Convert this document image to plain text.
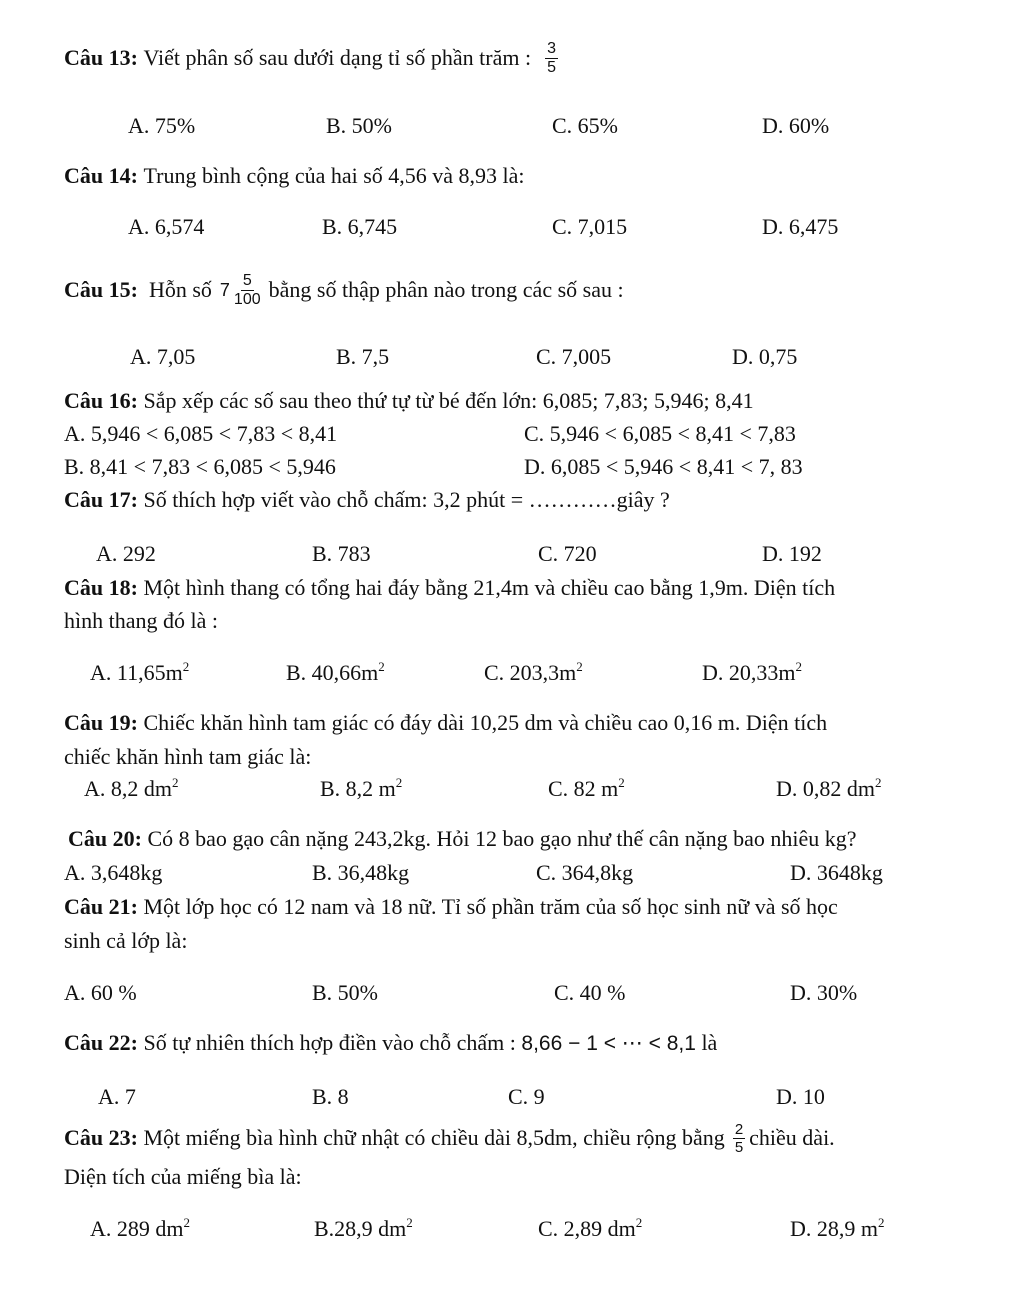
Câu 13:
Viết phân số sau dưới dạng tỉ số phần trăm : $\frac{3}{5}$
A. 75%	B. 50%	C. 65%	D. 60%
Câu 14: Trung bình cộng của hai số 4,56 và 8,93 là:
A. 6,574	B. 6,745	C. 7,015	D. 6,475
Câu 15:
Hỗn số $7 \frac{5}{100}$ bằng số thập phân nào trong các số sau :
A. 7,05	B. 7,5	C. 7,005	D. 0,75
Câu 16: Sắp xếp các số sau theo thứ tự từ bé đến lớn: 6,085; 7,83; 5,946; 8,41
A. 5,946 < 6,085 < 7,83 < 8,41	C. 5,946 < 6,085 < 8,41 < 7,83
B. 8,41 < 7,83 < 6,085 < 5,946	D. 6,085 < 5,946 < 8,41 < 7, 83
Câu 17: Số thích hợp viết vào chỗ chấm: 3,2 phút = …………giây ?
A. 292	B. 783	C. 720	D. 192
Câu 18: Một hình thang có tổng hai đáy bằng 21,4m và chiều cao bằng 1,9m. Diện tích
hình thang đó là :
A. $11,65m^2$	B. $40,66m^2$	C. $203,3m^2$	D. $20,33m^2$
Câu 19: Chiếc khăn hình tam giác có đáy dài 10,25 dm và chiều cao 0,16 m. Diện tích
chiếc khăn hình tam giác là:
A. 8,2 $dm^2$	B. 8,2 $m^2$	C. 82 $m^2$	D. 0,82 $dm^2$
Câu 20: Có 8 bao gạo cân nặng 243,2kg. Hỏi 12 bao gạo như thế cân nặng bao nhiêu kg?
A. 3,648kg	B. 36,48kg	C. 364,8kg	D. 3648kg
Câu 21: Một lớp học có 12 nam và 18 nữ. Tỉ số phần trăm của số học sinh nữ và số học
sinh cả lớp là:
A. 60 %	B. 50%	C. 40 %	D. 30%
Câu 22: Số tự nhiên thích hợp điền vào chỗ chấm : 8,66 − 1 < ⋯ < 8,1 là
A. 7	B. 8	C. 9	D. 10
Câu 23:
Một miếng bìa hình chữ nhật có chiều dài 8,5dm, chiều rộng bằng $\frac{2}{5}$ chiều dài.
Diện tích của miếng bìa là:
A. 289 $dm^2$	B.28,9 $dm^2$	C. 2,89 $dm^2$	D. 28,9 $m^2$
